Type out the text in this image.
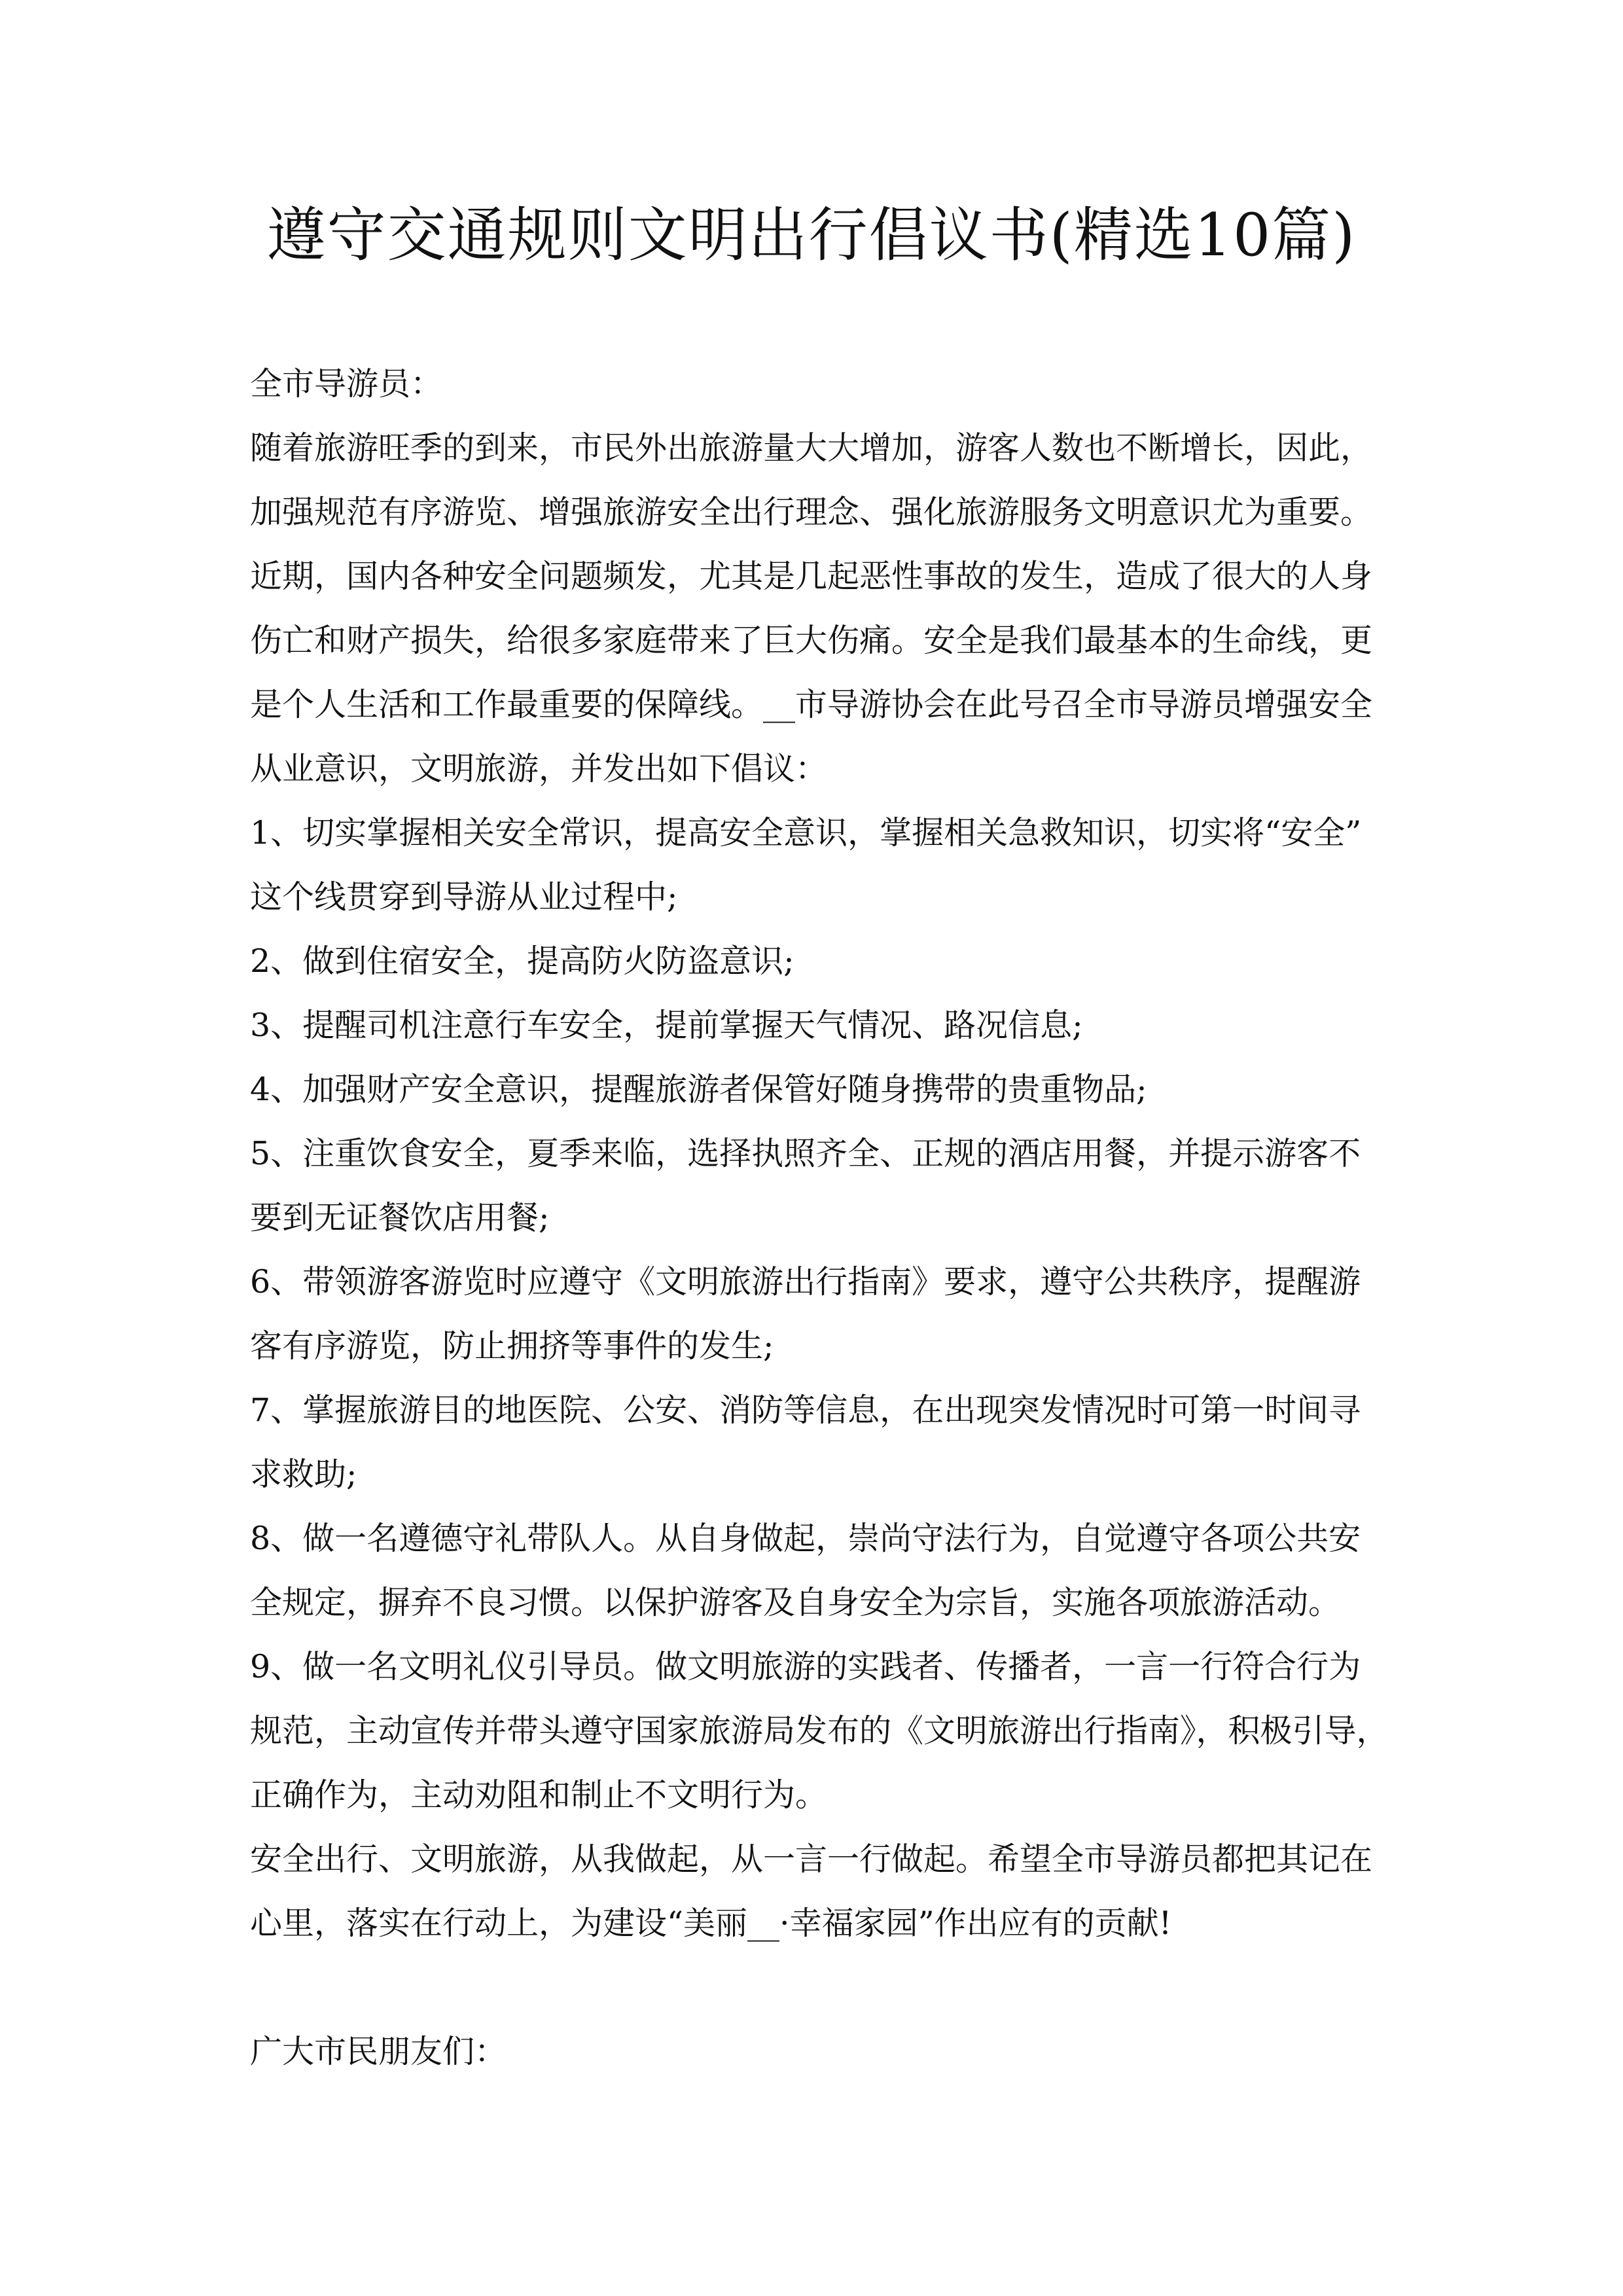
遵守交通规则文明出行倡议书(精选10篇)
全市导游员：
随着旅游旺季的到来，市民外出旅游量大大增加，游客人数也不断增长，因此，
加强规范有序游览、增强旅游安全出行理念、强化旅游服务文明意识尤为重要。
近期，国内各种安全问题频发，尤其是几起恶性事故的发生，造成了很大的人身
伤亡和财产损失，给很多家庭带来了巨大伤痛。安全是我们最基本的生命线，更
是个人生活和工作最重要的保障线。__市导游协会在此号召全市导游员增强安全
从业意识，文明旅游，并发出如下倡议：
1、切实掌握相关安全常识，提高安全意识，掌握相关急救知识，切实将“安全”
这个线贯穿到导游从业过程中;
2、做到住宿安全，提高防火防盗意识;
3、提醒司机注意行车安全，提前掌握天气情况、路况信息;
4、加强财产安全意识，提醒旅游者保管好随身携带的贵重物品;
5、注重饮食安全，夏季来临，选择执照齐全、正规的酒店用餐，并提示游客不
要到无证餐饮店用餐;
6、带领游客游览时应遵守《文明旅游出行指南》要求，遵守公共秩序，提醒游
客有序游览，防止拥挤等事件的发生;
7、掌握旅游目的地医院、公安、消防等信息，在出现突发情况时可第一时间寻
求救助;
8、做一名遵德守礼带队人。从自身做起，崇尚守法行为，自觉遵守各项公共安
全规定，摒弃不良习惯。以保护游客及自身安全为宗旨，实施各项旅游活动。
9、做一名文明礼仪引导员。做文明旅游的实践者、传播者，一言一行符合行为
规范，主动宣传并带头遵守国家旅游局发布的《文明旅游出行指南》，积极引导，
正确作为，主动劝阻和制止不文明行为。
安全出行、文明旅游，从我做起，从一言一行做起。希望全市导游员都把其记在
心里，落实在行动上，为建设“美丽__·幸福家园”作出应有的贡献!
广大市民朋友们：
